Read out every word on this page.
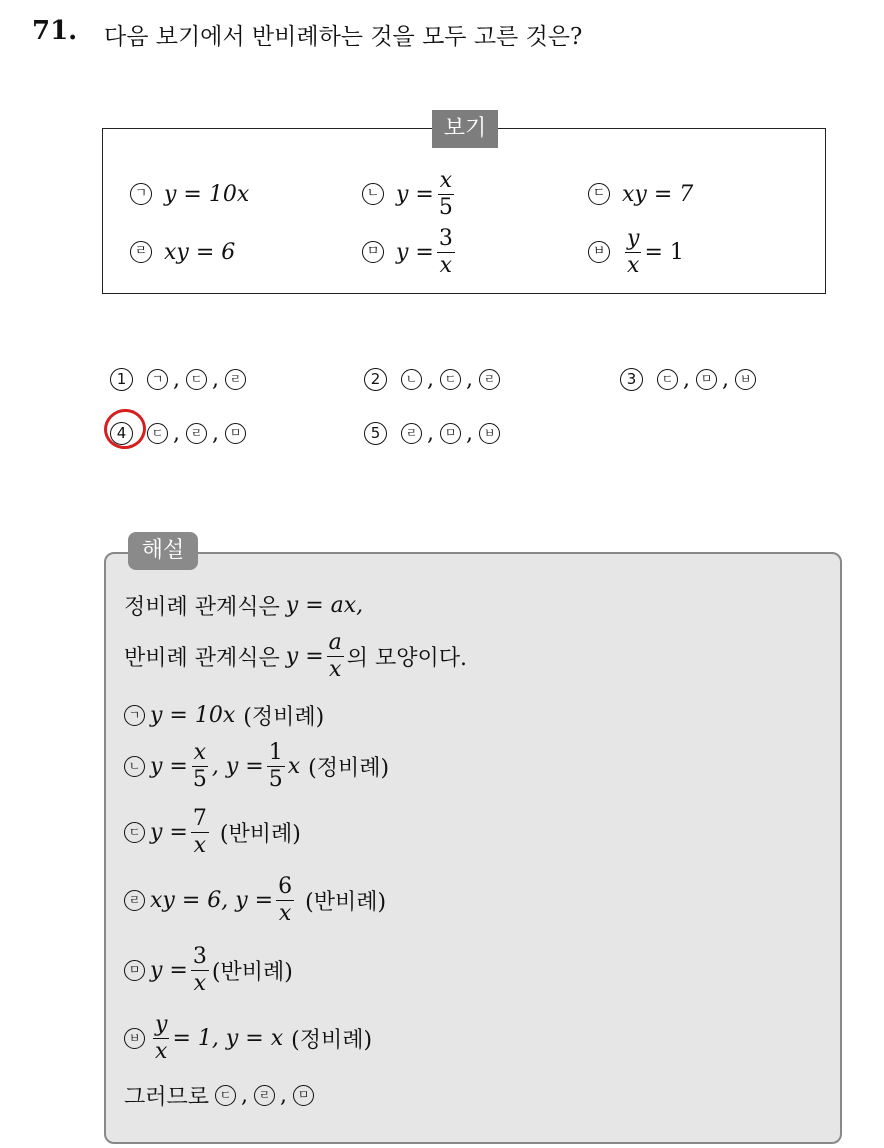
71. 다음 보기에서 반비례하는 것을 모두 고른 것은?
보기
ㄱ y = 10x	ㄴ $y = \frac{x}{5}$	ㄷ xy = 7
ㄹ xy = 6	ㅁ $y = \frac{3}{x}$	ㅂ $\frac{y}{x} = 1$
1	ㄱ , ㄷ , ㄹ	2	ㄴ , ㄷ , ㄹ	3	ㄷ , ㅁ , ㅂ
4	ㄷ , ㄹ , ㅁ	5	ㄹ , ㅁ , ㅂ
해설
정비례 관계식은 y = ax,
반비례 관계식은 $y = \frac{a}{x}$ 의 모양이다.
ㄱ y = 10x (정비례)
ㄴ $y = \frac{x}{5}$ , $y = \frac{1}{5}$ x (정비례)
ㄷ $y = \frac{7}{x}$ (반비례)
ㄹ xy = 6, $y = \frac{6}{x}$ (반비례)
ㅁ $y = \frac{3}{x}$ (반비례)
ㅂ $\frac{y}{x} = 1$, y = x (정비례)
그러므로 ㄷ , ㄹ , ㅁ
